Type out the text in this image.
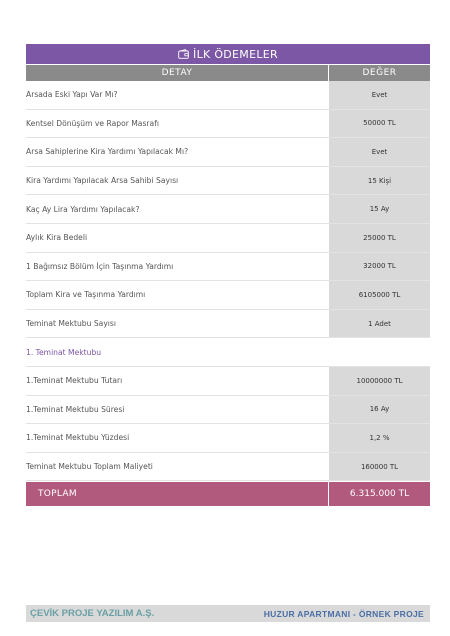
İLK ÖDEMELER
DETAY	DEĞER
Arsada Eski Yapı Var Mı?	Evet
Kentsel Dönüşüm ve Rapor Masrafı	50000 TL
Arsa Sahiplerine Kira Yardımı Yapılacak Mı?	Evet
Kira Yardımı Yapılacak Arsa Sahibi Sayısı	15 Kişi
Kaç Ay Lira Yardımı Yapılacak?	15 Ay
Aylık Kira Bedeli	25000 TL
1 Bağımsız Bölüm İçin Taşınma Yardımı	32000 TL
Toplam Kira ve Taşınma Yardımı	6105000 TL
Teminat Mektubu Sayısı	1 Adet
1. Teminat Mektubu
1.Teminat Mektubu Tutarı	10000000 TL
1.Teminat Mektubu Süresi	16 Ay
1.Teminat Mektubu Yüzdesi	1,2 %
Teminat Mektubu Toplam Maliyeti	160000 TL
TOPLAM	6.315.000 TL
ÇEVİK PROJE YAZILIM A.Ş.	HUZUR APARTMANI - ÖRNEK PROJE
